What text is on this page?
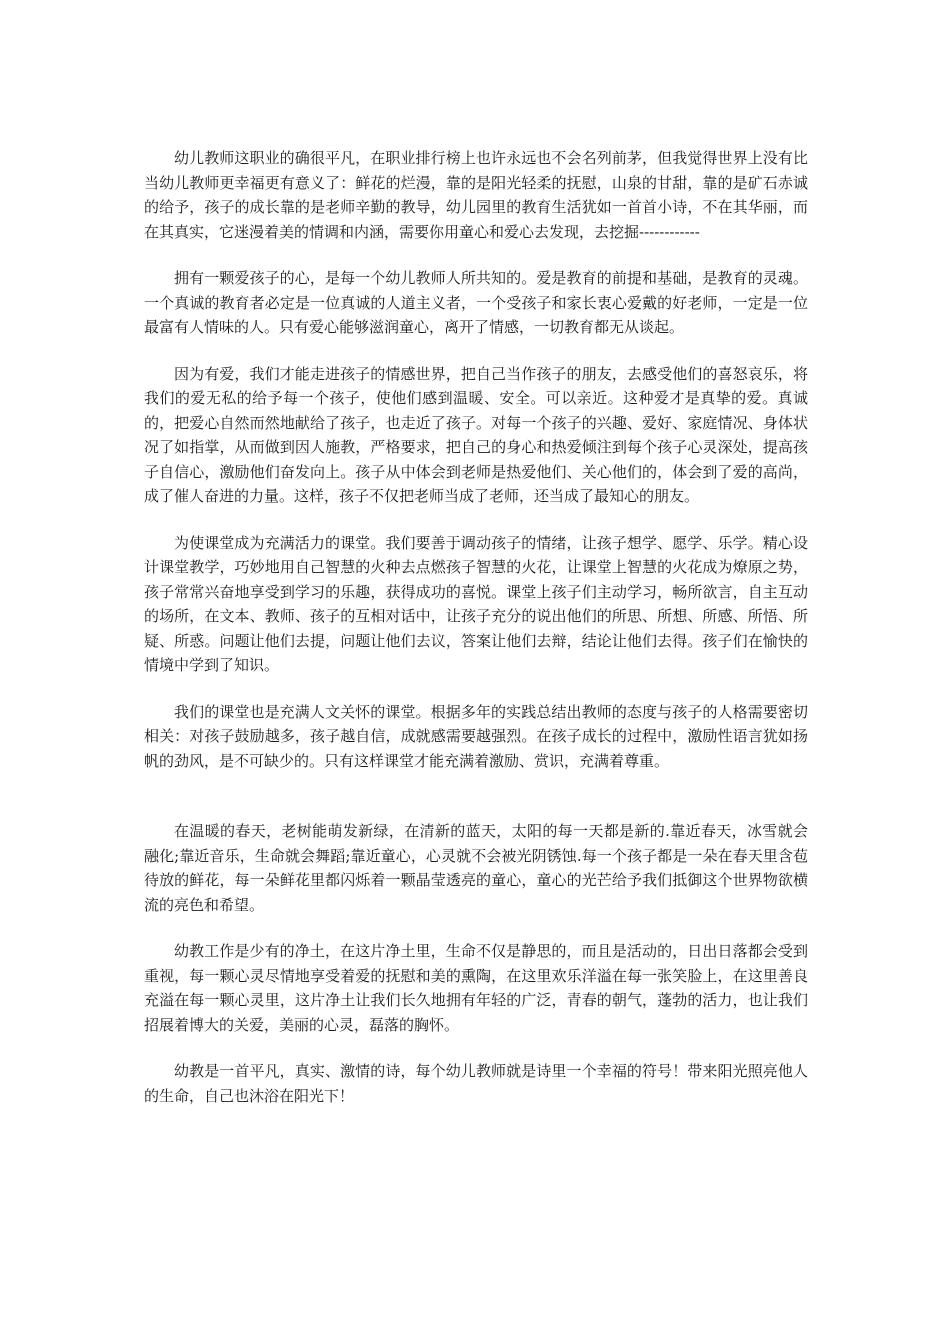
幼儿教师这职业的确很平凡，在职业排行榜上也许永远也不会名列前茅，但我觉得世界上没有比当幼儿教师更幸福更有意义了：鲜花的烂漫，靠的是阳光轻柔的抚慰，山泉的甘甜，靠的是矿石赤诚的给予，孩子的成长靠的是老师辛勤的教导，幼儿园里的教育生活犹如一首首小诗，不在其华丽，而在其真实，它迷漫着美的情调和内涵，需要你用童心和爱心去发现，去挖掘------------

拥有一颗爱孩子的心，是每一个幼儿教师人所共知的。爱是教育的前提和基础，是教育的灵魂。一个真诚的教育者必定是一位真诚的人道主义者，一个受孩子和家长衷心爱戴的好老师，一定是一位最富有人情味的人。只有爱心能够滋润童心，离开了情感，一切教育都无从谈起。

因为有爱，我们才能走进孩子的情感世界，把自己当作孩子的朋友，去感受他们的喜怒哀乐，将我们的爱无私的给予每一个孩子，使他们感到温暖、安全。可以亲近。这种爱才是真挚的爱。真诚的，把爱心自然而然地献给了孩子，也走近了孩子。对每一个孩子的兴趣、爱好、家庭情况、身体状况了如指掌，从而做到因人施教，严格要求，把自己的身心和热爱倾注到每个孩子心灵深处，提高孩子自信心，激励他们奋发向上。孩子从中体会到老师是热爱他们、关心他们的，体会到了爱的高尚，成了催人奋进的力量。这样，孩子不仅把老师当成了老师，还当成了最知心的朋友。

为使课堂成为充满活力的课堂。我们要善于调动孩子的情绪，让孩子想学、愿学、乐学。精心设计课堂教学，巧妙地用自己智慧的火种去点燃孩子智慧的火花，让课堂上智慧的火花成为燎原之势，孩子常常兴奋地享受到学习的乐趣，获得成功的喜悦。课堂上孩子们主动学习，畅所欲言，自主互动的场所，在文本、教师、孩子的互相对话中，让孩子充分的说出他们的所思、所想、所感、所悟、所疑、所惑。问题让他们去提，问题让他们去议，答案让他们去辩，结论让他们去得。孩子们在愉快的情境中学到了知识。

我们的课堂也是充满人文关怀的课堂。根据多年的实践总结出教师的态度与孩子的人格需要密切相关：对孩子鼓励越多，孩子越自信，成就感需要越强烈。在孩子成长的过程中，激励性语言犹如扬帆的劲风，是不可缺少的。只有这样课堂才能充满着激励、赏识，充满着尊重。

在温暖的春天，老树能萌发新绿，在清新的蓝天，太阳的每一天都是新的.靠近春天，冰雪就会融化;靠近音乐，生命就会舞蹈;靠近童心，心灵就不会被光阴锈蚀.每一个孩子都是一朵在春天里含苞待放的鲜花，每一朵鲜花里都闪烁着一颗晶莹透亮的童心，童心的光芒给予我们抵御这个世界物欲横流的亮色和希望。

幼教工作是少有的净土，在这片净土里，生命不仅是静思的，而且是活动的，日出日落都会受到重视，每一颗心灵尽情地享受着爱的抚慰和美的熏陶，在这里欢乐洋溢在每一张笑脸上，在这里善良充溢在每一颗心灵里，这片净土让我们长久地拥有年轻的广泛，青春的朝气，蓬勃的活力，也让我们招展着博大的关爱，美丽的心灵，磊落的胸怀。

幼教是一首平凡，真实、激情的诗，每个幼儿教师就是诗里一个幸福的符号！带来阳光照亮他人的生命，自己也沐浴在阳光下！
